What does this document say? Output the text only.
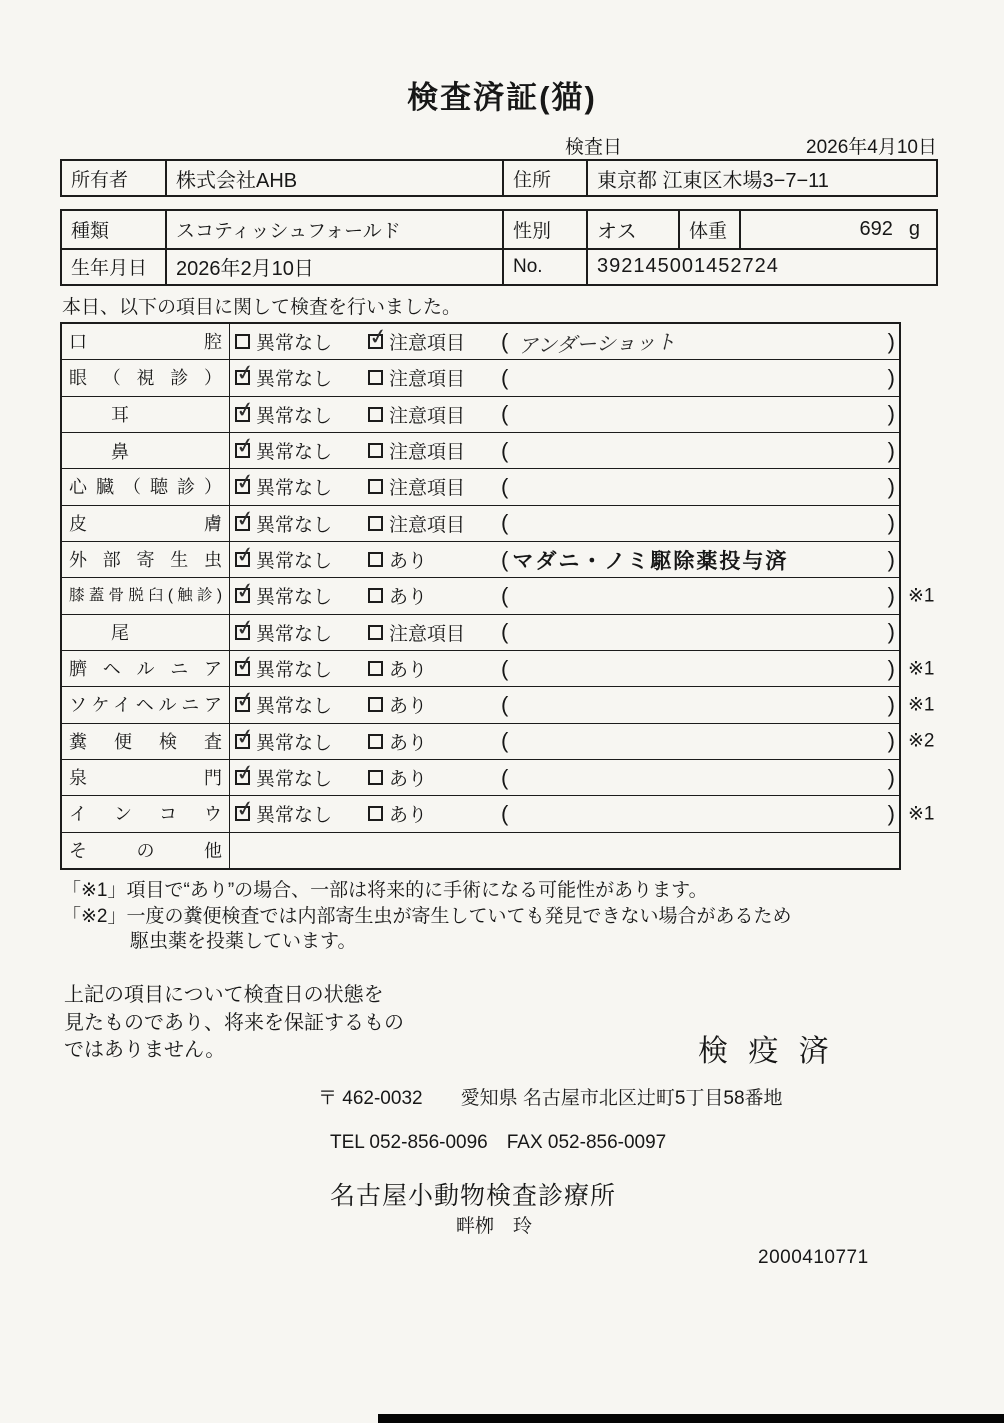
検査済証(猫)
検査日	2026年4月10日
所有者	株式会社AHB	住所	東京都 江東区木場3−7−11
種類	スコティッシュフォールド	性別	オス	体重	692 g
生年月日	2026年2月10日	No.	392145001452724
本日、以下の項目に関して検査を行いました。
口腔	異常なし ✓ 注意項目 ( アンダーショット	)
眼（視診） ✓ 異常なし	注意項目 (	)
耳	✓ 異常なし	注意項目 (	)
鼻	✓ 異常なし	注意項目 (	)
心臓（聴診） ✓ 異常なし	注意項目 (	)
皮膚 ✓ 異常なし	注意項目 (	)
外部寄生虫 ✓ 異常なし	あり	( マダニ・ノミ駆除薬投与済	)
膝蓋骨脱臼(触診) ✓ 異常なし	あり	(	) ※1
尾	✓ 異常なし	注意項目 (	)
臍ヘルニア ✓ 異常なし	あり	(	) ※1
ソケイヘルニア ✓ 異常なし	あり	(	) ※1
糞便検査 ✓ 異常なし	あり	(	) ※2
泉門 ✓ 異常なし	あり	(	)
インコウ ✓ 異常なし	あり	(	) ※1
その他
「※1」項目で“あり”の場合、一部は将来的に手術になる可能性があります。
「※2」一度の糞便検査では内部寄生虫が寄生していても発見できない場合があるため
駆虫薬を投薬しています。
上記の項目について検査日の状態を
見たものであり、将来を保証するもの
ではありません。	検 疫 済
〒 462-0032 愛知県 名古屋市北区辻町5丁目58番地
TEL 052-856-0096　FAX 052-856-0097
名古屋小動物検査診療所
畔栁　玲
2000410771
